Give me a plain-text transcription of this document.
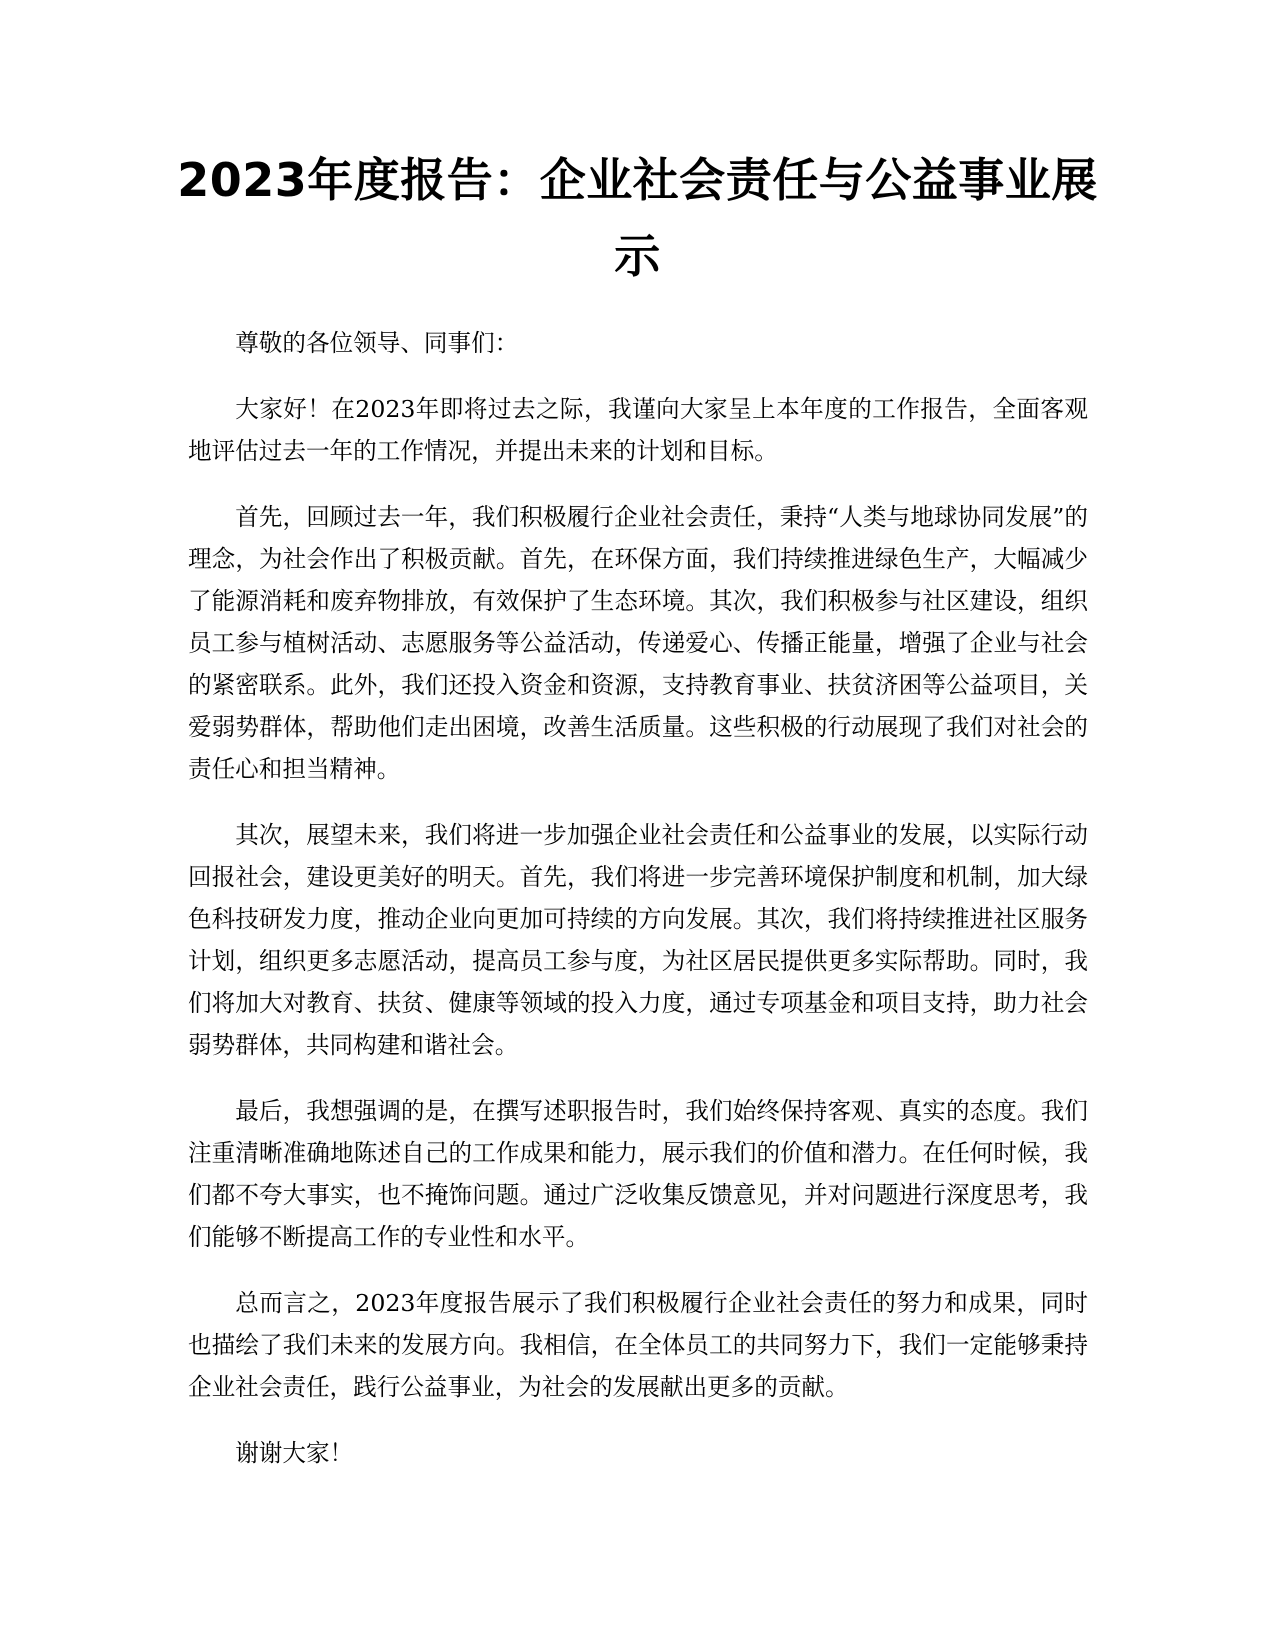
2023年度报告：企业社会责任与公益事业展示

尊敬的各位领导、同事们：

大家好！在2023年即将过去之际，我谨向大家呈上本年度的工作报告，全面客观地评估过去一年的工作情况，并提出未来的计划和目标。

首先，回顾过去一年，我们积极履行企业社会责任，秉持“人类与地球协同发展”的理念，为社会作出了积极贡献。首先，在环保方面，我们持续推进绿色生产，大幅减少了能源消耗和废弃物排放，有效保护了生态环境。其次，我们积极参与社区建设，组织员工参与植树活动、志愿服务等公益活动，传递爱心、传播正能量，增强了企业与社会的紧密联系。此外，我们还投入资金和资源，支持教育事业、扶贫济困等公益项目，关爱弱势群体，帮助他们走出困境，改善生活质量。这些积极的行动展现了我们对社会的责任心和担当精神。

其次，展望未来，我们将进一步加强企业社会责任和公益事业的发展，以实际行动回报社会，建设更美好的明天。首先，我们将进一步完善环境保护制度和机制，加大绿色科技研发力度，推动企业向更加可持续的方向发展。其次，我们将持续推进社区服务计划，组织更多志愿活动，提高员工参与度，为社区居民提供更多实际帮助。同时，我们将加大对教育、扶贫、健康等领域的投入力度，通过专项基金和项目支持，助力社会弱势群体，共同构建和谐社会。

最后，我想强调的是，在撰写述职报告时，我们始终保持客观、真实的态度。我们注重清晰准确地陈述自己的工作成果和能力，展示我们的价值和潜力。在任何时候，我们都不夸大事实，也不掩饰问题。通过广泛收集反馈意见，并对问题进行深度思考，我们能够不断提高工作的专业性和水平。

总而言之，2023年度报告展示了我们积极履行企业社会责任的努力和成果，同时也描绘了我们未来的发展方向。我相信，在全体员工的共同努力下，我们一定能够秉持企业社会责任，践行公益事业，为社会的发展献出更多的贡献。

谢谢大家！
